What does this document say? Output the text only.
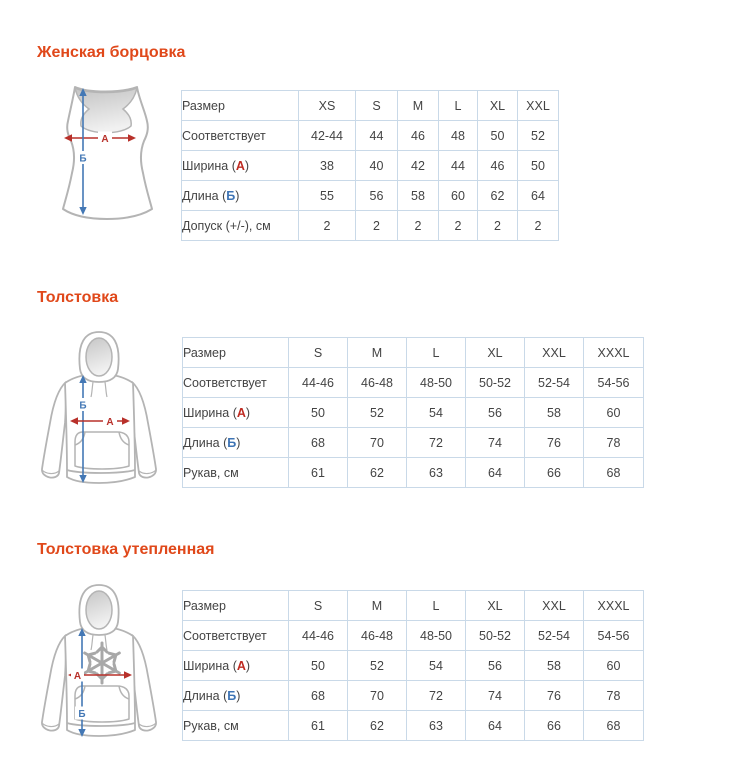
Женская борцовка
А
Б
Размер	XS	S	M	L	XL	XXL
Соответствует	42-44	44	46	48	50	52
Ширина (А)	38	40	42	44	46	50
Длина (Б)	55	56	58	60	62	64
Допуск (+/-), см	2	2	2	2	2	2
Толстовка
Б
А
Размер	S	M	L	XL	XXL	XXXL
Соответствует	44-46	46-48	48-50	50-52	52-54	54-56
Ширина (А)	50	52	54	56	58	60
Длина (Б)	68	70	72	74	76	78
Рукав, см	61	62	63	64	66	68
Толстовка утепленная
Б
А
Размер	S	M	L	XL	XXL	XXXL
Соответствует	44-46	46-48	48-50	50-52	52-54	54-56
Ширина (А)	50	52	54	56	58	60
Длина (Б)	68	70	72	74	76	78
Рукав, см	61	62	63	64	66	68
